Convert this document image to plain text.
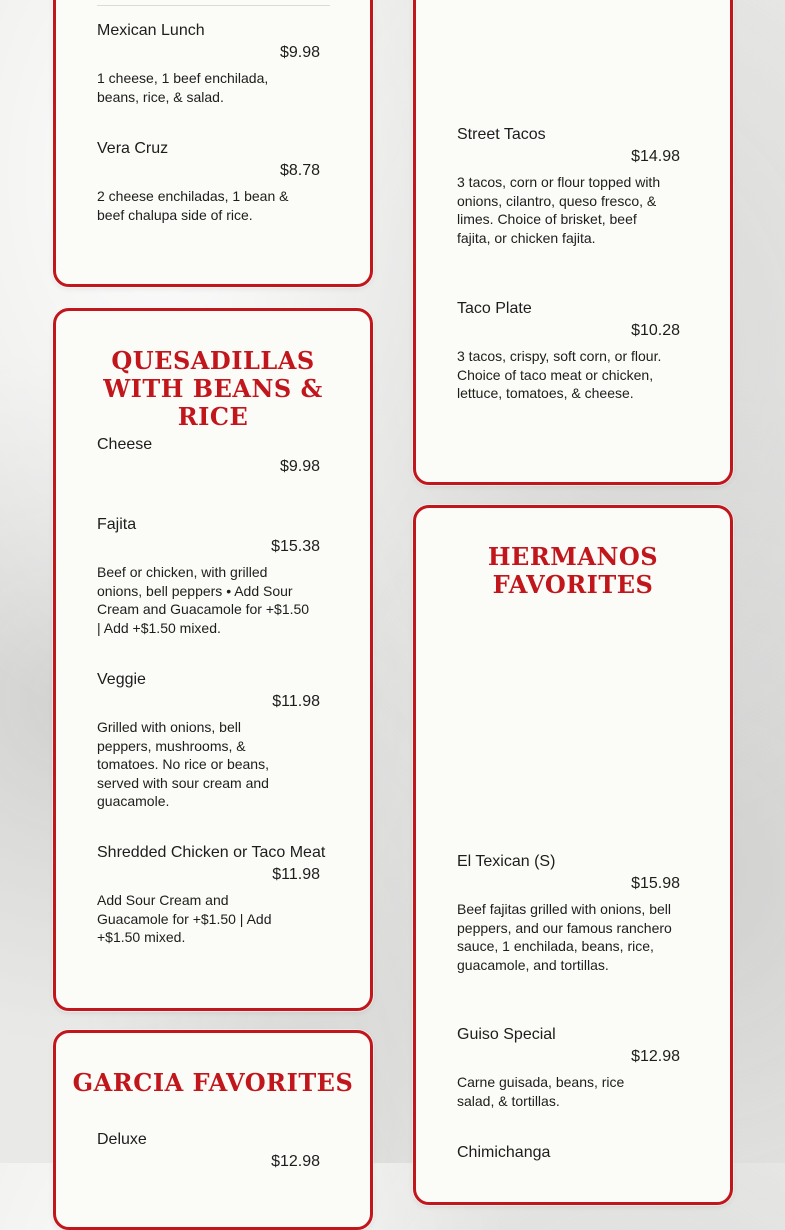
Mexican Lunch
$9.98
1 cheese, 1 beef enchilada, beans, rice, & salad.
Vera Cruz
$8.78
2 cheese enchiladas, 1 bean & beef chalupa side of rice.
QUESADILLAS WITH BEANS & RICE
Cheese
$9.98
Fajita
$15.38
Beef or chicken, with grilled onions, bell peppers • Add Sour Cream and Guacamole for +$1.50 | Add +$1.50 mixed.
Veggie
$11.98
Grilled with onions, bell peppers, mushrooms, & tomatoes. No rice or beans, served with sour cream and guacamole.
Shredded Chicken or Taco Meat
$11.98
Add Sour Cream and Guacamole for +$1.50 | Add +$1.50 mixed.
GARCIA FAVORITES
Deluxe
$12.98
Street Tacos
$14.98
3 tacos, corn or flour topped with onions, cilantro, queso fresco, & limes. Choice of brisket, beef fajita, or chicken fajita.
Taco Plate
$10.28
3 tacos, crispy, soft corn, or flour. Choice of taco meat or chicken, lettuce, tomatoes, & cheese.
HERMANOS FAVORITES
El Texican (S)
$15.98
Beef fajitas grilled with onions, bell peppers, and our famous ranchero sauce, 1 enchilada, beans, rice, guacamole, and tortillas.
Guiso Special
$12.98
Carne guisada, beans, rice salad, & tortillas.
Chimichanga
